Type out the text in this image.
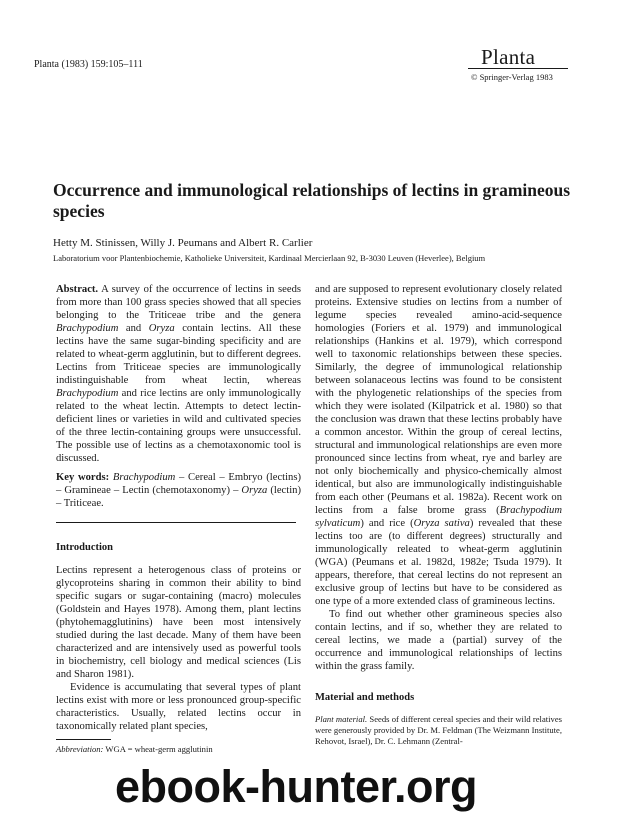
Planta (1983) 159:105–111	Planta
© Springer-Verlag 1983
Occurrence and immunological relationships of lectins in gramineous species
Hetty M. Stinissen, Willy J. Peumans and Albert R. Carlier
Laboratorium voor Plantenbiochemie, Katholieke Universiteit, Kardinaal Mercierlaan 92, B-3030 Leuven (Heverlee), Belgium

Abstract. A survey of the occurrence of lectins in seeds from more than 100 grass species showed that all species belonging to the Triticeae tribe and the genera Brachypodium and Oryza contain lectins. All these lectins have the same sugar-binding specificity and are related to wheat-germ agglutinin, but to different degrees. Lectins from Triticeae species are immunologically indistinguishable from wheat lectin, whereas Brachypodium and rice lectins are only immunologically related to the wheat lectin. Attempts to detect lectin-deficient lines or varieties in wild and cultivated species of the three lectin-containing groups were unsuccessful. The possible use of lectins as a chemotaxonomic tool is discussed.

Key words: Brachypodium – Cereal – Embryo (lectins) – Gramineae – Lectin (chemotaxonomy) – Oryza (lectin) – Triticeae.

Introduction

Lectins represent a heterogenous class of proteins or glycoproteins sharing in common their ability to bind specific sugars or sugar-containing (macro) molecules (Goldstein and Hayes 1978). Among them, plant lectins (phytohemagglutinins) have been most intensively studied during the last decade. Many of them have been characterized and are intensively used as powerful tools in biochemistry, cell biology and medical sciences (Lis and Sharon 1981).

Evidence is accumulating that several types of plant lectins exist with more or less pronounced group-specific characteristics. Usually, related lectins occur in taxonomically related plant species,

Abbreviation: WGA = wheat-germ agglutinin

and are supposed to represent evolutionary closely related proteins. Extensive studies on lectins from a number of legume species revealed amino-acid-sequence homologies (Foriers et al. 1979) and immunological relationships (Hankins et al. 1979), which correspond well to taxonomic relationships between these species. Similarly, the degree of immunological relationship between solanaceous lectins was found to be consistent with the phylogenetic relationships of the species from which they were isolated (Kilpatrick et al. 1980) so that the conclusion was drawn that these lectins probably have a common ancestor. Within the group of cereal lectins, structural and immunological relationships are even more pronounced since lectins from wheat, rye and barley are not only biochemically and physico-chemically almost identical, but also are immunologically indistinguishable from each other (Peumans et al. 1982a). Recent work on lectins from a false brome grass (Brachypodium sylvaticum) and rice (Oryza sativa) revealed that these lectins too are (to different degrees) structurally and immunologically releated to wheat-germ agglutinin (WGA) (Peumans et al. 1982d, 1982e; Tsuda 1979). It appears, therefore, that cereal lectins do not represent an exclusive group of lectins but have to be considered as one type of a more extended class of gramineous lectins.

To find out whether other gramineous species also contain lectins, and if so, whether they are related to cereal lectins, we made a (partial) survey of the occurrence and immunological relationships of lectins within the grass family.

Material and methods

Plant material. Seeds of different cereal species and their wild relatives were generously provided by Dr. M. Feldman (The Weizmann Institute, Rehovot, Israel), Dr. C. Lehmann (Zentral-

ebook-hunter.org
